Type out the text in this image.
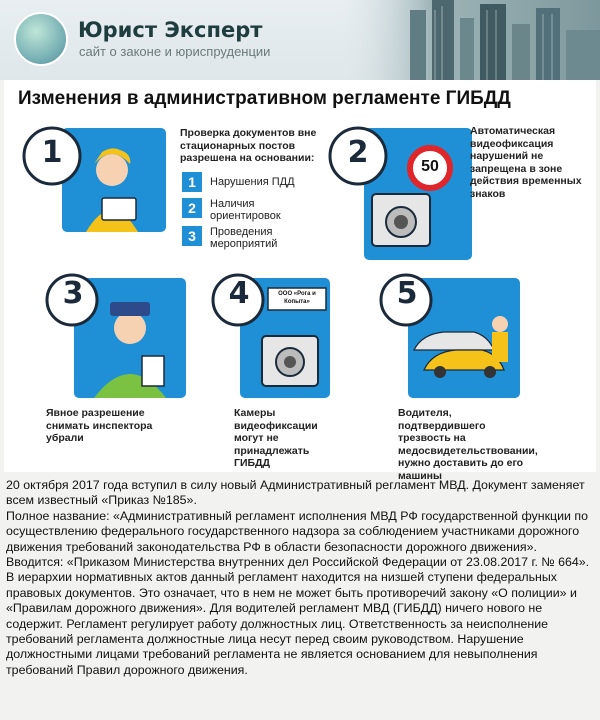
Юрист Эксперт
сайт о законе и юриспруденции
Изменения в административном регламенте ГИБДД
1
Проверка документов вне стационарных постов разрешена на основании:
1	Нарушения ПДД
2	Наличия ориентировок
3	Проведения мероприятий
2	50
Автоматическая видеофиксация нарушений не запрещена в зоне действия временных знаков
3
Явное разрешение снимать инспектора убрали
4	ООО «Рога и Копыта»
Камеры видеофиксации могут не принадлежать ГИБДД
5
Водителя, подтвердившего трезвость на медосвидетельствовании, нужно доставить до его машины

20 октября 2017 года вступил в силу новый Административный регламент МВД. Документ заменяет всем известный «Приказ №185».

Полное название: «Административный регламент исполнения МВД РФ государственной функции по осуществлению федерального государственного надзора за соблюдением участниками дорожного движения требований законодательства РФ в области безопасности дорожного движения». Вводится: «Приказом Министерства внутренних дел Российской Федерации от 23.08.2017 г. № 664».

В иерархии нормативных актов данный регламент находится на низшей ступени федеральных правовых документов. Это означает, что в нем не может быть противоречий закону «О полиции» и «Правилам дорожного движения». Для водителей регламент МВД (ГИБДД) ничего нового не содержит. Регламент регулирует работу должностных лиц. Ответственность за неисполнение требований регламента должностные лица несут перед своим руководством. Нарушение должностными лицами требований регламента не является основанием для невыполнения требований Правил дорожного движения.
